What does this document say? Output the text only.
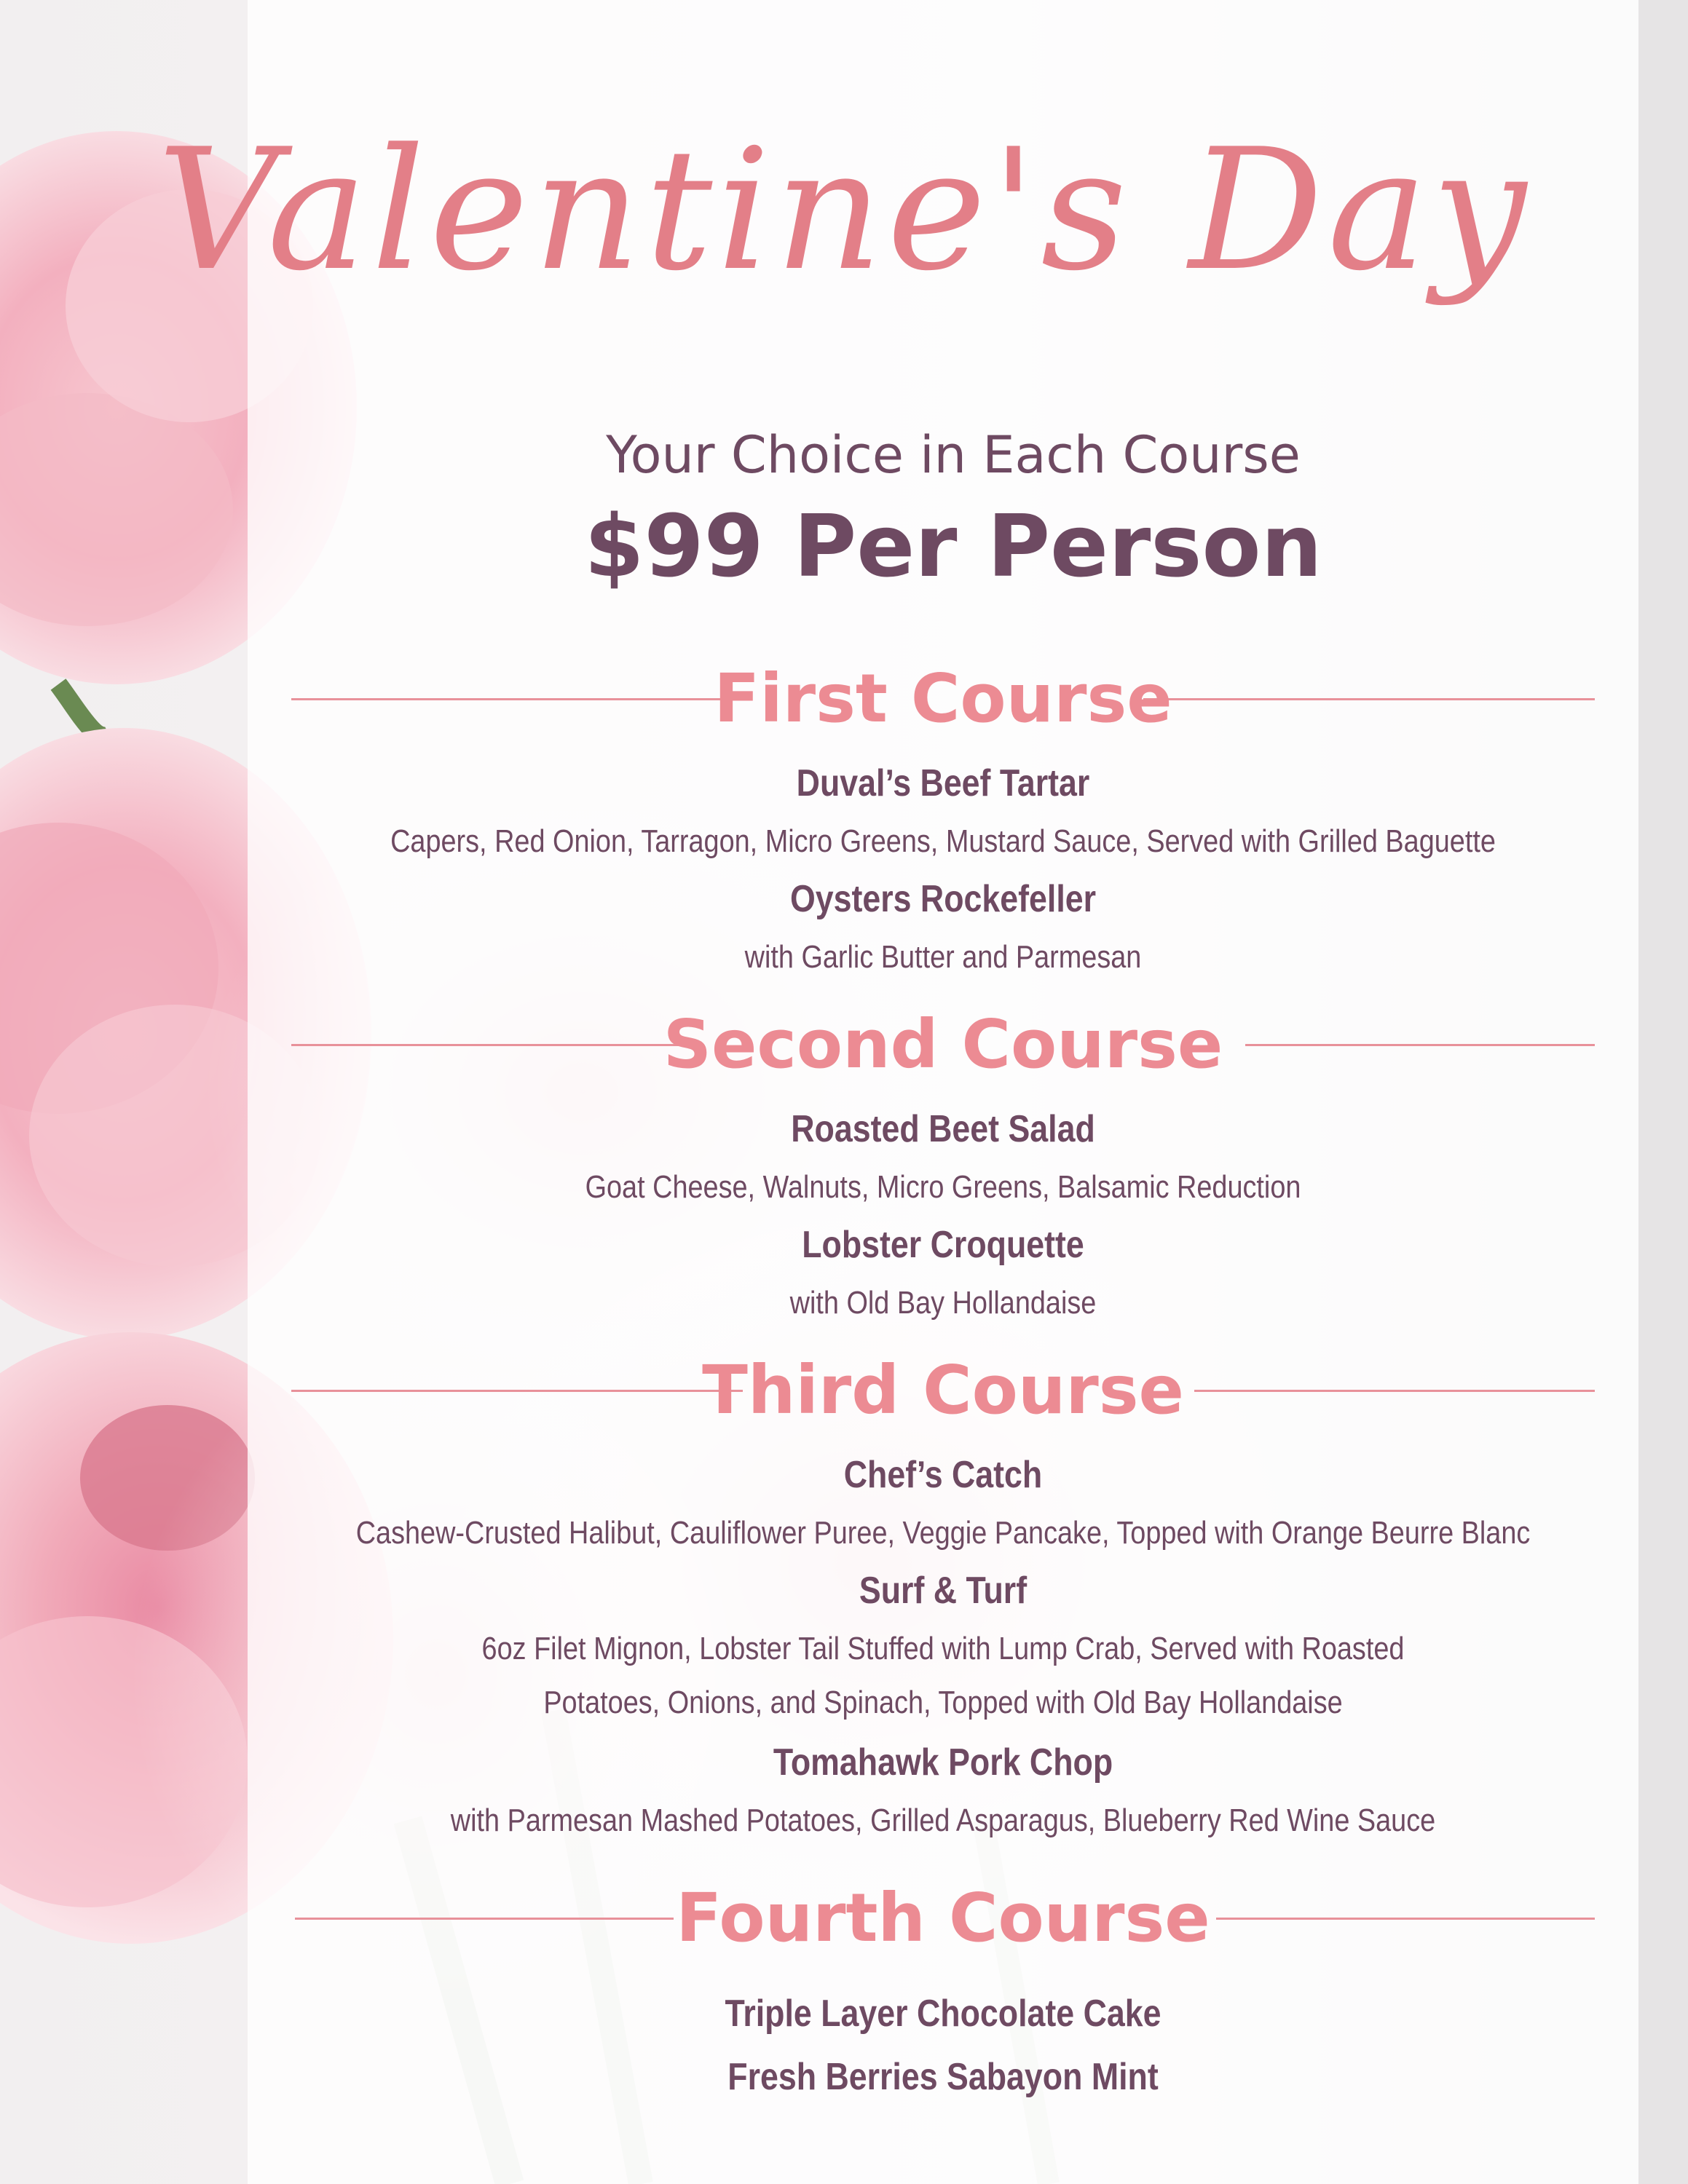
Valentine's Day
Your Choice in Each Course
$99 Per Person
First Course
Duval’s Beef Tartar
Capers, Red Onion, Tarragon, Micro Greens, Mustard Sauce, Served with Grilled Baguette
Oysters Rockefeller
with Garlic Butter and Parmesan
Second Course
Roasted Beet Salad
Goat Cheese, Walnuts, Micro Greens, Balsamic Reduction
Lobster Croquette
with Old Bay Hollandaise
Third Course
Chef’s Catch
Cashew-Crusted Halibut, Cauliflower Puree, Veggie Pancake, Topped with Orange Beurre Blanc
Surf & Turf
6oz Filet Mignon, Lobster Tail Stuffed with Lump Crab, Served with Roasted
Potatoes, Onions, and Spinach, Topped with Old Bay Hollandaise
Tomahawk Pork Chop
with Parmesan Mashed Potatoes, Grilled Asparagus, Blueberry Red Wine Sauce
Fourth Course
Triple Layer Chocolate Cake
Fresh Berries Sabayon Mint
